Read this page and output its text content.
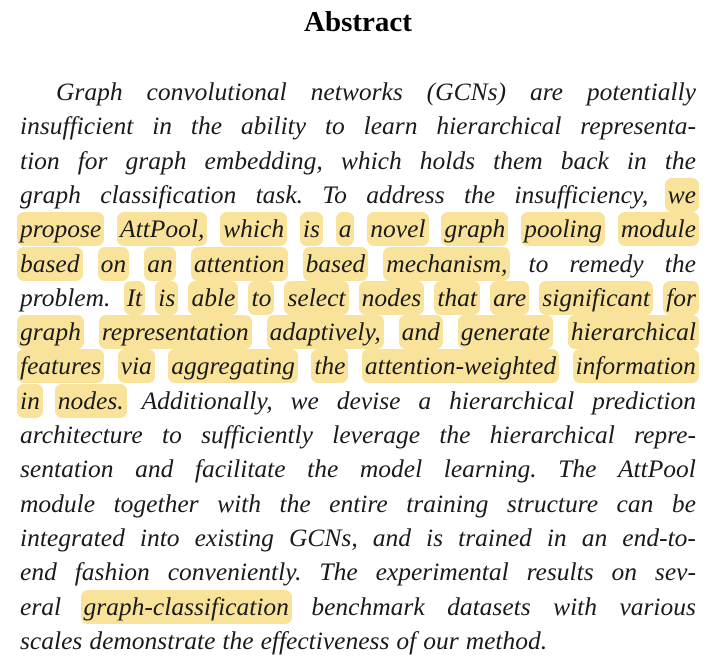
Abstract
Graph convolutional networks (GCNs) are potentially
insufficient in the ability to learn hierarchical representa-
tion for graph embedding, which holds them back in the
graph classification task. To address the insufficiency, we
propose AttPool, which is a novel graph pooling module
based on an attention based mechanism, to remedy the
problem. It is able to select nodes that are significant for
graph representation adaptively, and generate hierarchical
features via aggregating the attention-weighted information
in nodes. Additionally, we devise a hierarchical prediction
architecture to sufficiently leverage the hierarchical repre-
sentation and facilitate the model learning. The AttPool
module together with the entire training structure can be
integrated into existing GCNs, and is trained in an end-to-
end fashion conveniently. The experimental results on sev-
eral graph-classification benchmark datasets with various
scales demonstrate the effectiveness of our method.
